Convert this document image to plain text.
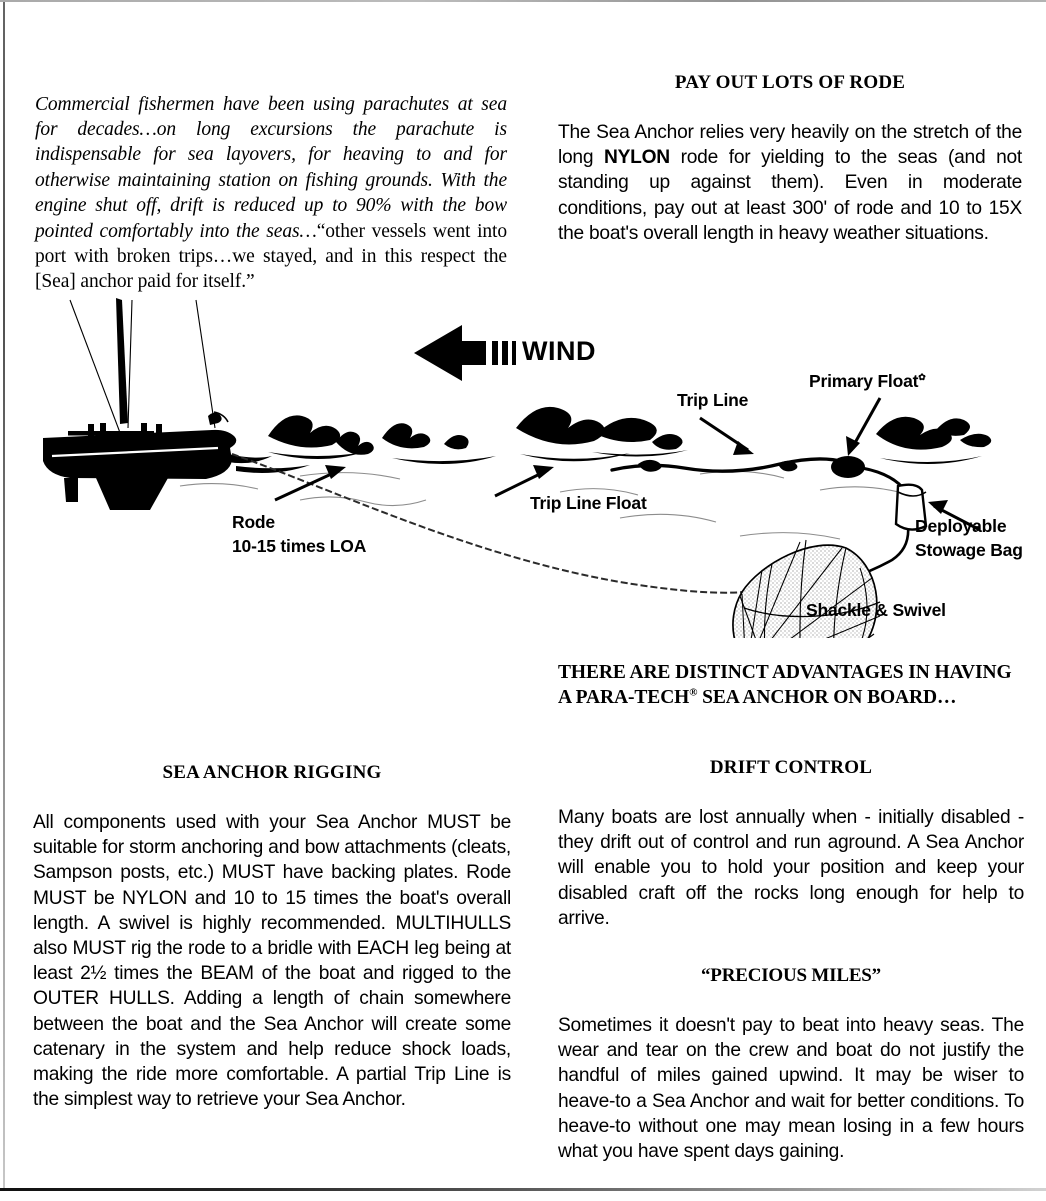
Commercial fishermen have been using parachutes at sea for decades…on long excursions the parachute is indispensable for sea layovers, for heaving to and for otherwise maintaining station on fishing grounds. With the engine shut off, drift is reduced up to 90% with the bow pointed comfortably into the seas…“other vessels went into port with broken trips…we stayed, and in this respect the [Sea] anchor paid for itself.”

PAY OUT LOTS OF RODE

The Sea Anchor relies very heavily on the stretch of the long NYLON rode for yielding to the seas (and not standing up against them). Even in moderate conditions, pay out at least 300' of rode and 10 to 15X the boat's overall length in heavy weather situations.

WIND
Rode
10-15 times LOA
Trip Line Float
Trip Line
Primary Float✿
Deployable
Stowage Bag
Shackle & Swivel
THERE ARE DISTINCT ADVANTAGES IN HAVING
A PARA-TECH® SEA ANCHOR ON BOARD…
SEA ANCHOR RIGGING

All components used with your Sea Anchor MUST be suitable for storm anchoring and bow attachments (cleats, Sampson posts, etc.) MUST have backing plates. Rode MUST be NYLON and 10 to 15 times the boat's overall length. A swivel is highly recommended. MULTIHULLS also MUST rig the rode to a bridle with EACH leg being at least 2½ times the BEAM of the boat and rigged to the OUTER HULLS. Adding a length of chain somewhere between the boat and the Sea Anchor will create some catenary in the system and help reduce shock loads, making the ride more comfortable. A partial Trip Line is the simplest way to retrieve your Sea Anchor.

DRIFT CONTROL

Many boats are lost annually when - initially disabled - they drift out of control and run aground. A Sea Anchor will enable you to hold your position and keep your disabled craft off the rocks long enough for help to arrive.

“PRECIOUS MILES”

Sometimes it doesn't pay to beat into heavy seas. The wear and tear on the crew and boat do not justify the handful of miles gained upwind. It may be wiser to heave-to a Sea Anchor and wait for better conditions. To heave-to without one may mean losing in a few hours what you have spent days gaining.
